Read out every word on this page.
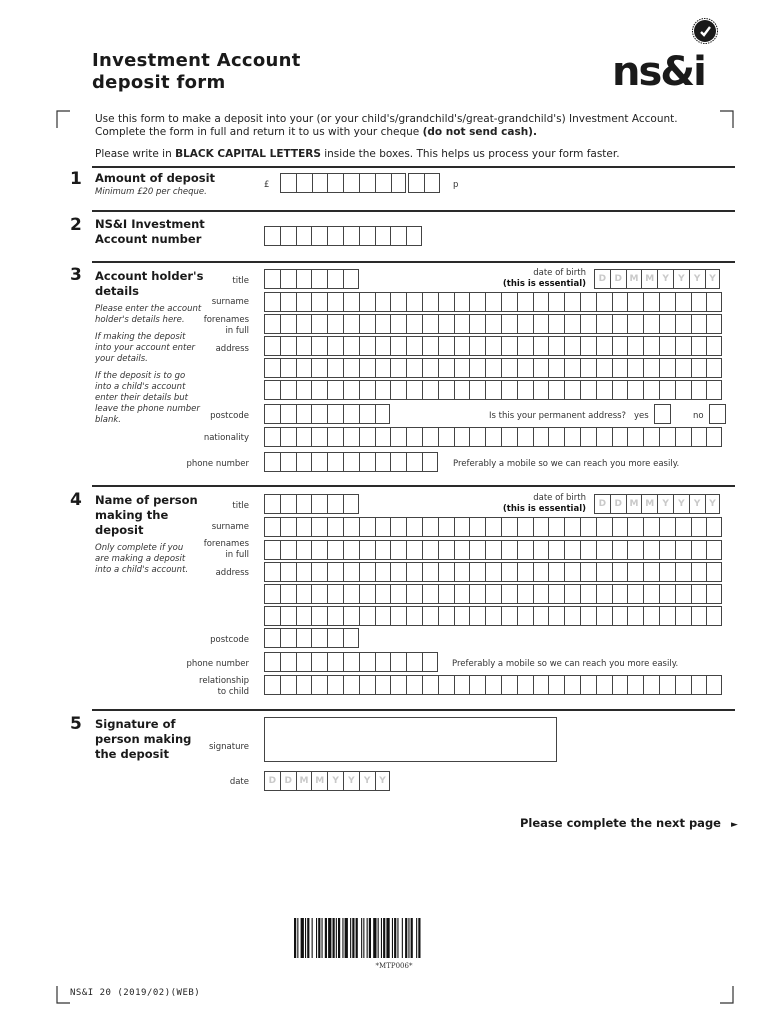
Investment Account
deposit form	ns&i
Use this form to make a deposit into your (or your child's/grandchild's/great-grandchild's) Investment Account.
Complete the form in full and return it to us with your cheque (do not send cash).
Please write in BLACK CAPITAL LETTERS inside the boxes. This helps us process your form faster.
1 Amount of deposit
Minimum £20 per cheque.
£	p
2 NS&I Investment
Account number
3 Account holder's
details
Please enter the account
holder's details here.
If making the deposit
into your account enter
your details.
If the deposit is to go
into a child's account
enter their details but
leave the phone number
blank.
title
date of birth
(this is essential)	D D M M Y	Y	Y Y
surname
forenames
in full
address
postcode	Is this your permanent address? yes	no
nationality
phone number	Preferably a mobile so we can reach you more easily.
4 Name of person
making the
deposit
Only complete if you
are making a deposit
into a child's account.
title
date of birth
(this is essential)	D D M M Y	Y	Y Y
surname
forenames
in full
address
postcode
phone number	Preferably a mobile so we can reach you more easily.
relationship
to child
5 Signature of
person making
the deposit	signature
date	D D M M Y	Y	Y Y
Please complete the next page ►
*MTP006*
NS&I 20 (2019/02)(WEB)
